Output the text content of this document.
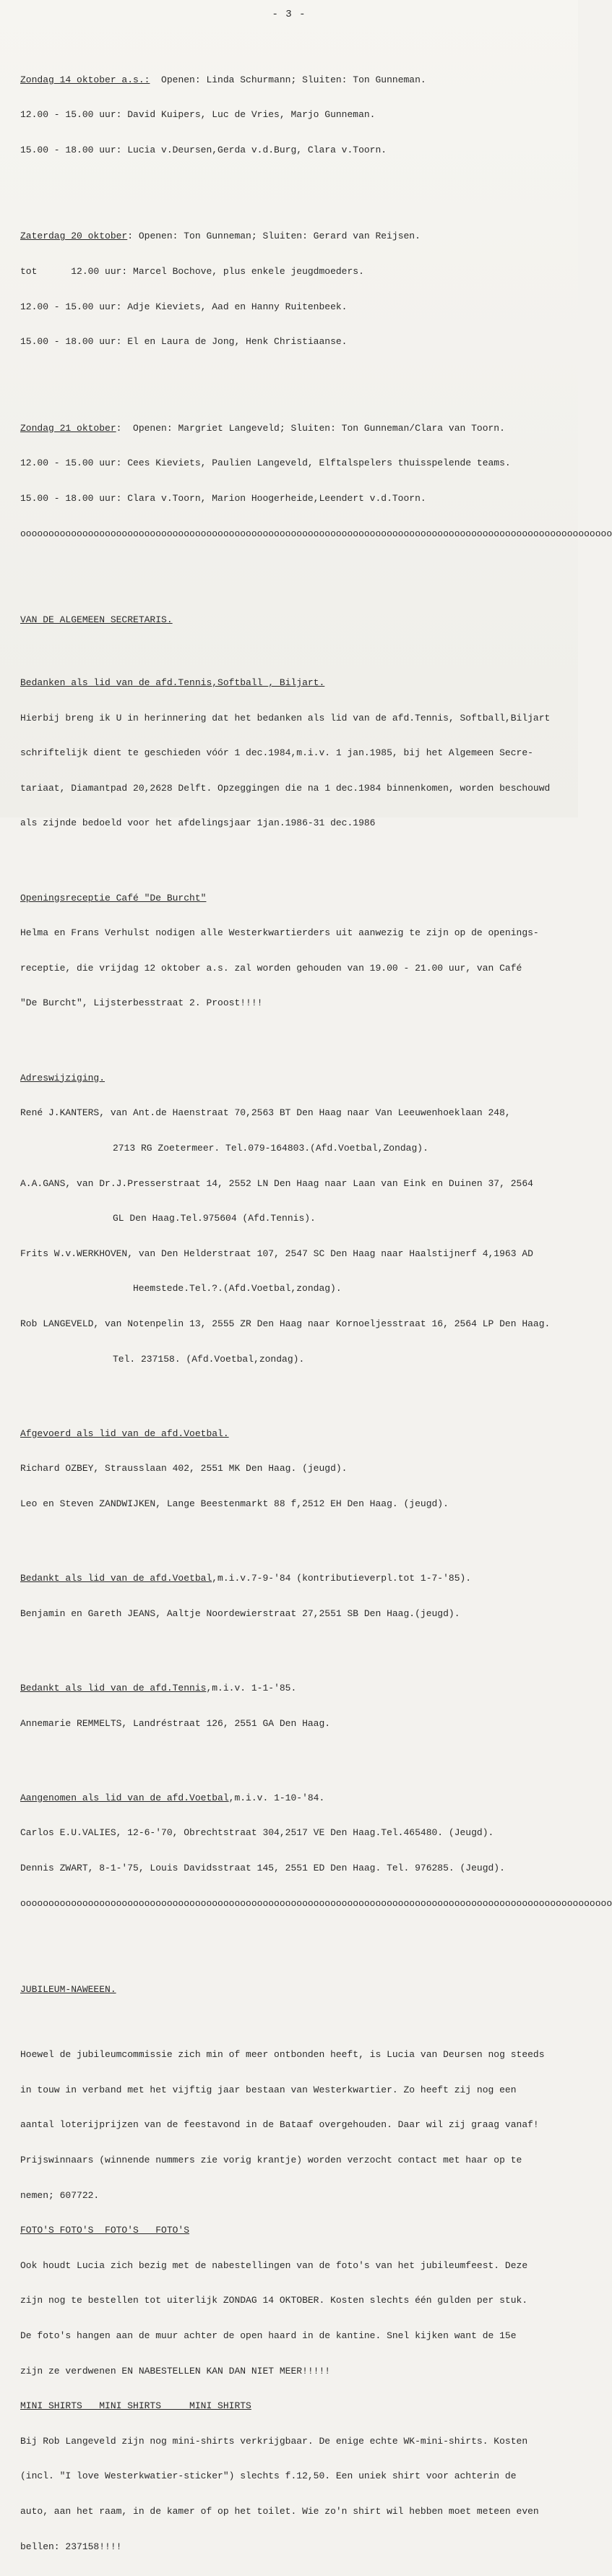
- 3 -

Zondag 14 oktober a.s.:  Openen: Linda Schurmann; Sluiten: Ton Gunneman.

12.00 - 15.00 uur: David Kuipers, Luc de Vries, Marjo Gunneman.

15.00 - 18.00 uur: Lucia v.Deursen,Gerda v.d.Burg, Clara v.Toorn.

Zaterdag 20 oktober: Openen: Ton Gunneman; Sluiten: Gerard van Reijsen.

tot      12.00 uur: Marcel Bochove, plus enkele jeugdmoeders.

12.00 - 15.00 uur: Adje Kieviets, Aad en Hanny Ruitenbeek.

15.00 - 18.00 uur: El en Laura de Jong, Henk Christiaanse.

Zondag 21 oktober:  Openen: Margriet Langeveld; Sluiten: Ton Gunneman/Clara van Toorn.

12.00 - 15.00 uur: Cees Kieviets, Paulien Langeveld, Elftalspelers thuisspelende teams.

15.00 - 18.00 uur: Clara v.Toorn, Marion Hoogerheide,Leendert v.d.Toorn.

ooooooooooooooooooooooooooooooooooooooooooooooooooooooooooooooooooooooooooooooooooooooooooooooooooooooooo

VAN DE ALGEMEEN SECRETARIS.

Bedanken als lid van de afd.Tennis,Softball , Biljart.

Hierbij breng ik U in herinnering dat het bedanken als lid van de afd.Tennis, Softball,Biljart

schriftelijk dient te geschieden vóór 1 dec.1984,m.i.v. 1 jan.1985, bij het Algemeen Secre-

tariaat, Diamantpad 20,2628 Delft. Opzeggingen die na 1 dec.1984 binnenkomen, worden beschouwd

als zijnde bedoeld voor het afdelingsjaar 1jan.1986-31 dec.1986

Openingsreceptie Café "De Burcht"

Helma en Frans Verhulst nodigen alle Westerkwartierders uit aanwezig te zijn op de openings-

receptie, die vrijdag 12 oktober a.s. zal worden gehouden van 19.00 - 21.00 uur, van Café

"De Burcht", Lijsterbesstraat 2. Proost!!!!

Adreswijziging.

René J.KANTERS, van Ant.de Haenstraat 70,2563 BT Den Haag naar Van Leeuwenhoeklaan 248,

2713 RG Zoetermeer. Tel.079-164803.(Afd.Voetbal,Zondag).

A.A.GANS, van Dr.J.Presserstraat 14, 2552 LN Den Haag naar Laan van Eink en Duinen 37, 2564

GL Den Haag.Tel.975604 (Afd.Tennis).

Frits W.v.WERKHOVEN, van Den Helderstraat 107, 2547 SC Den Haag naar Haalstijnerf 4,1963 AD

Heemstede.Tel.?.(Afd.Voetbal,zondag).

Rob LANGEVELD, van Notenpelin 13, 2555 ZR Den Haag naar Kornoeljesstraat 16, 2564 LP Den Haag.

Tel. 237158. (Afd.Voetbal,zondag).

Afgevoerd als lid van de afd.Voetbal.

Richard OZBEY, Strausslaan 402, 2551 MK Den Haag. (jeugd).

Leo en Steven ZANDWIJKEN, Lange Beestenmarkt 88 f,2512 EH Den Haag. (jeugd).

Bedankt als lid van de afd.Voetbal,m.i.v.7-9-'84 (kontributieverpl.tot 1-7-'85).

Benjamin en Gareth JEANS, Aaltje Noordewierstraat 27,2551 SB Den Haag.(jeugd).

Bedankt als lid van de afd.Tennis,m.i.v. 1-1-'85.

Annemarie REMMELTS, Landréstraat 126, 2551 GA Den Haag.

Aangenomen als lid van de afd.Voetbal,m.i.v. 1-10-'84.

Carlos E.U.VALIES, 12-6-'70, Obrechtstraat 304,2517 VE Den Haag.Tel.465480. (Jeugd).

Dennis ZWART, 8-1-'75, Louis Davidsstraat 145, 2551 ED Den Haag. Tel. 976285. (Jeugd).

ooooooooooooooooooooooooooooooooooooooooooooooooooooooooooooooooooooooooooooooooooooooooooooooooooooooooo

JUBILEUM-NAWEEEN.

Hoewel de jubileumcommissie zich min of meer ontbonden heeft, is Lucia van Deursen nog steeds

in touw in verband met het vijftig jaar bestaan van Westerkwartier. Zo heeft zij nog een

aantal loterijprijzen van de feestavond in de Bataaf overgehouden. Daar wil zij graag vanaf!

Prijswinnaars (winnende nummers zie vorig krantje) worden verzocht contact met haar op te

nemen; 607722.

FOTO'S FOTO'S  FOTO'S   FOTO'S

Ook houdt Lucia zich bezig met de nabestellingen van de foto's van het jubileumfeest. Deze

zijn nog te bestellen tot uiterlijk ZONDAG 14 OKTOBER. Kosten slechts één gulden per stuk.

De foto's hangen aan de muur achter de open haard in de kantine. Snel kijken want de 15e

zijn ze verdwenen EN NABESTELLEN KAN DAN NIET MEER!!!!!

MINI SHIRTS   MINI SHIRTS     MINI SHIRTS

Bij Rob Langeveld zijn nog mini-shirts verkrijgbaar. De enige echte WK-mini-shirts. Kosten

(incl. "I love Westerkwatier-sticker") slechts f.12,50. Een uniek shirt voor achterin de

auto, aan het raam, in de kamer of op het toilet. Wie zo'n shirt wil hebben moet meteen even

bellen: 237158!!!!
